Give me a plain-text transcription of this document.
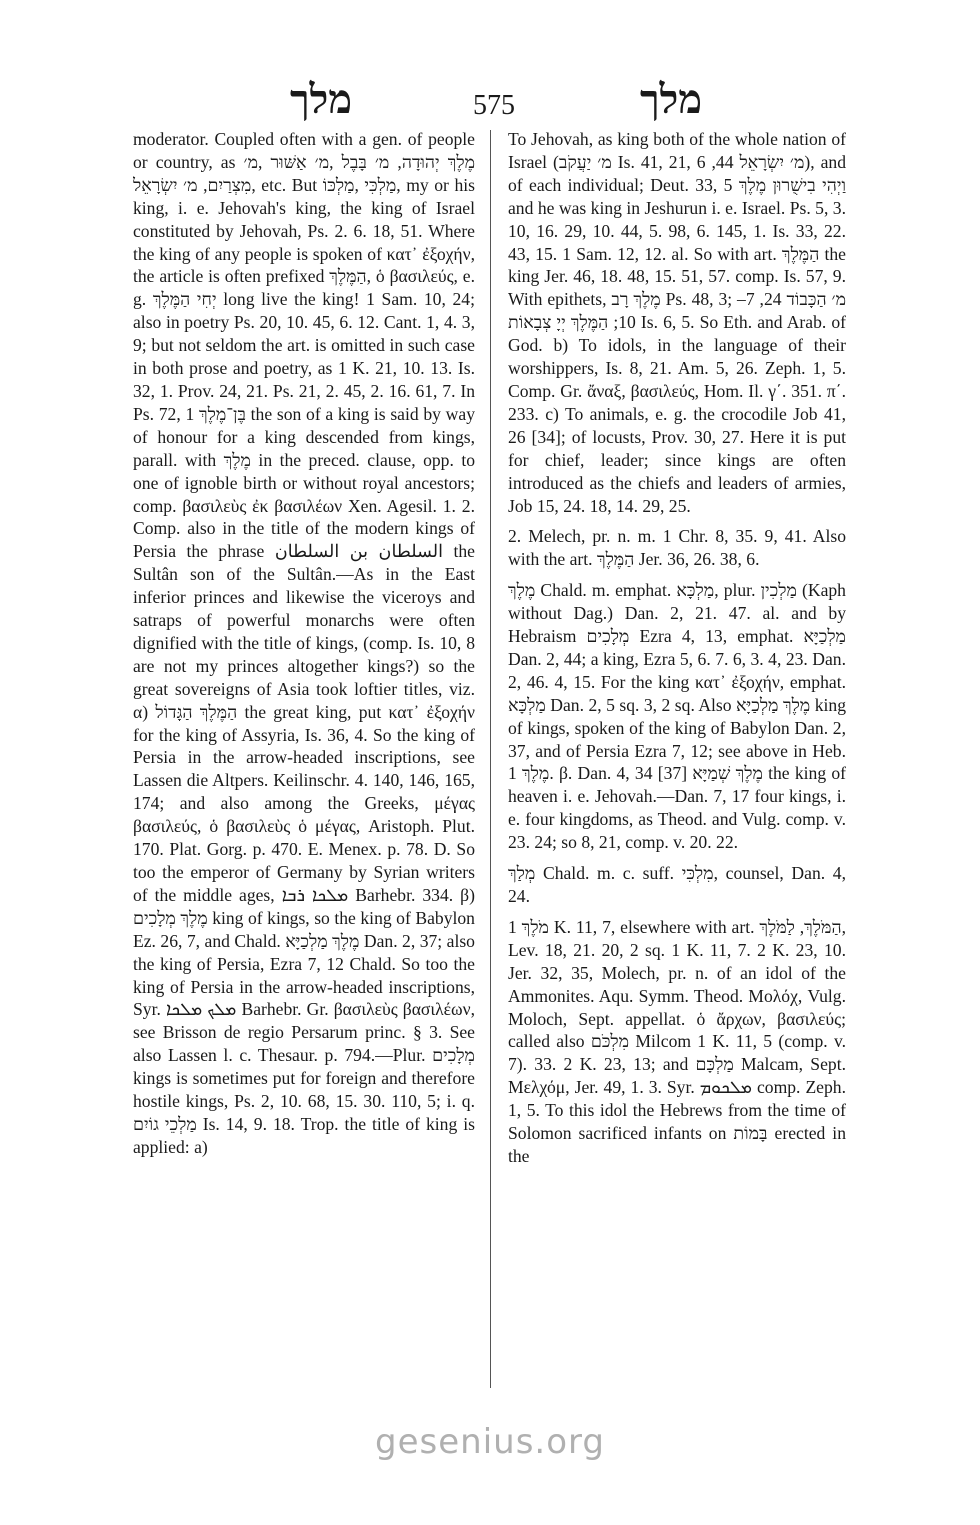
מלך	575	מלך

moderator. Coupled often with a gen. of people or country, as מֶלֶךְ יְהוּדָה, מ׳ בָּבֶל ,מ׳ אַשּׁוּר ,מ׳ מִצְרַיִם, מ׳ יִשְׂרָאֵל, etc. But מַלְכִּי ,מַלְכּוֹ, my or his king, i. e. Jehovah's king, the king of Israel constituted by Jehovah, Ps. 2. 6. 18, 51. Where the king of any people is spoken of κατ᾽ ἐξοχήν, the article is often prefixed הַמֶּלֶךְ, ὁ βασιλεύς, e. g. יְחִי הַמֶּלֶךְ long live the king! 1 Sam. 10, 24; also in poetry Ps. 20, 10. 45, 6. 12. Cant. 1, 4. 3, 9; but not seldom the art. is omitted in such case in both prose and poetry, as 1 K. 21, 10. 13. Is. 32, 1. Prov. 24, 21. Ps. 21, 2. 45, 2. 16. 61, 7. In Ps. 72, 1 בֶּן־מֶלֶךְ the son of a king is said by way of honour for a king descended from kings, parall. with מֶלֶךְ in the preced. clause, opp. to one of ignoble birth or without royal ancestors; comp. βασιλεὺς ἐκ βασιλέων Xen. Agesil. 1. 2. Comp. also in the title of the modern kings of Persia the phrase السلطان بن السلطان the Sultân son of the Sultân.—As in the East inferior princes and likewise the viceroys and satraps of powerful monarchs were often dignified with the title of kings, (comp. Is. 10, 8 are not my princes altogether kings?) so the great sovereigns of Asia took loftier titles, viz. α) הַמֶּלֶךְ הַגָּדוֹל the great king, put κατ᾽ ἐξοχήν for the king of Assyria, Is. 36, 4. So the king of Persia in the arrow-headed inscriptions, see Lassen die Altpers. Keilinschr. 4. 140, 146, 165, 174; and also among the Greeks, μέγας βασιλεύς, ὁ βασιλεὺς ὁ μέγας, Aristoph. Plut. 170. Plat. Gorg. p. 470. E. Menex. p. 78. D. So too the emperor of Germany by Syrian writers of the middle ages, ܡܠܟܐ ܪܒܐ Barhebr. 334. β) מֶלֶךְ מְלָכִים king of kings, so the king of Babylon Ez. 26, 7, and Chald. מֶלֶךְ מַלְכַיָּא Dan. 2, 37; also the king of Persia, Ezra 7, 12 Chald. So too the king of Persia in the arrow-headed inscriptions, Syr. ܡܠܟ ܡܠܟܐ Barhebr. Gr. βασιλεὺς βασιλέων, see Brisson de regio Persarum princ. § 3. See also Lassen l. c. Thesaur. p. 794.—Plur. מְלָכִים kings is sometimes put for foreign and therefore hostile kings, Ps. 2, 10. 68, 15. 30. 110, 5; i. q. מַלְכֵי גוֹיִם Is. 14, 9. 18. Trop. the title of king is applied: a)

To Jehovah, as king both of the whole nation of Israel (מ׳ יַעֲקֹב Is. 41, 21, מ׳ יִשְׂרָאֵל 44, 6), and of each individual; Deut. 33, 5 וַיְהִי בִישֻׁרוּן מֶלֶךְ and he was king in Jeshurun i. e. Israel. Ps. 5, 3. 10, 16. 29, 10. 44, 5. 98, 6. 145, 1. Is. 33, 22. 43, 15. 1 Sam. 12, 12. al. So with art. הַמֶּלֶךְ the king Jer. 46, 18. 48, 15. 51, 57. comp. Is. 57, 9. With epithets, מֶלֶךְ רָב Ps. 48, 3; מ׳ הַכָּבוֹד 24, 7–10; הַמֶּלֶךְ יְיָ צְבָאוֹת Is. 6, 5. So Eth. and Arab. of God. b) To idols, in the language of their worshippers, Is. 8, 21. Am. 5, 26. Zeph. 1, 5. Comp. Gr. ἄναξ, βασιλεύς, Hom. Il. γ΄. 351. π΄. 233. c) To animals, e. g. the crocodile Job 41, 26 [34]; of locusts, Prov. 30, 27. Here it is put for chief, leader; since kings are often introduced as the chiefs and leaders of armies, Job 15, 24. 18, 14. 29, 25.

2. Melech, pr. n. m. 1 Chr. 8, 35. 9, 41. Also with the art. הַמֶּלֶךְ Jer. 36, 26. 38, 6.

מֶלֶךְ Chald. m. emphat. מַלְכָּא, plur. מַלְכִין (Kaph without Dag.) Dan. 2, 21. 47. al. and by Hebraism מְלָכִים Ezra 4, 13, emphat. מַלְכַיָּא Dan. 2, 44; a king, Ezra 5, 6. 7. 6, 3. 4, 23. Dan. 2, 46. 4, 15. For the king κατ᾽ ἐξοχήν, emphat. מַלְכָּא Dan. 2, 5 sq. 3, 2 sq. Also מֶלֶךְ מַלְכַיָּא king of kings, spoken of the king of Babylon Dan. 2, 37, and of Persia Ezra 7, 12; see above in Heb. מֶלֶךְ 1. β. Dan. 4, 34 [37] מֶלֶךְ שְׁמַיָּא the king of heaven i. e. Jehovah.—Dan. 7, 17 four kings, i. e. four kingdoms, as Theod. and Vulg. comp. v. 23. 24; so 8, 21, comp. v. 20. 22.

מְלַךְ Chald. m. c. suff. מִלְכִּי, counsel, Dan. 4, 24.

מֹלֶךְ 1 K. 11, 7, elsewhere with art. הַמֹּלֶךְ, לַמֹּלֶךְ, Lev. 18, 21. 20, 2 sq. 1 K. 11, 7. 2 K. 23, 10. Jer. 32, 35, Molech, pr. n. of an idol of the Ammonites. Aqu. Symm. Theod. Μολόχ, Vulg. Moloch, Sept. appellat. ὁ ἄρχων, βασιλεύς; called also מִלְכֹּם Milcom 1 K. 11, 5 (comp. v. 7). 33. 2 K. 23, 13; and מַלְכָּם Malcam, Sept. Μελχόμ, Jer. 49, 1. 3. Syr. ܡܠܟܘܡ comp. Zeph. 1, 5. To this idol the Hebrews from the time of Solomon sacrificed infants on בָּמוֹת erected in the

gesenius.org
